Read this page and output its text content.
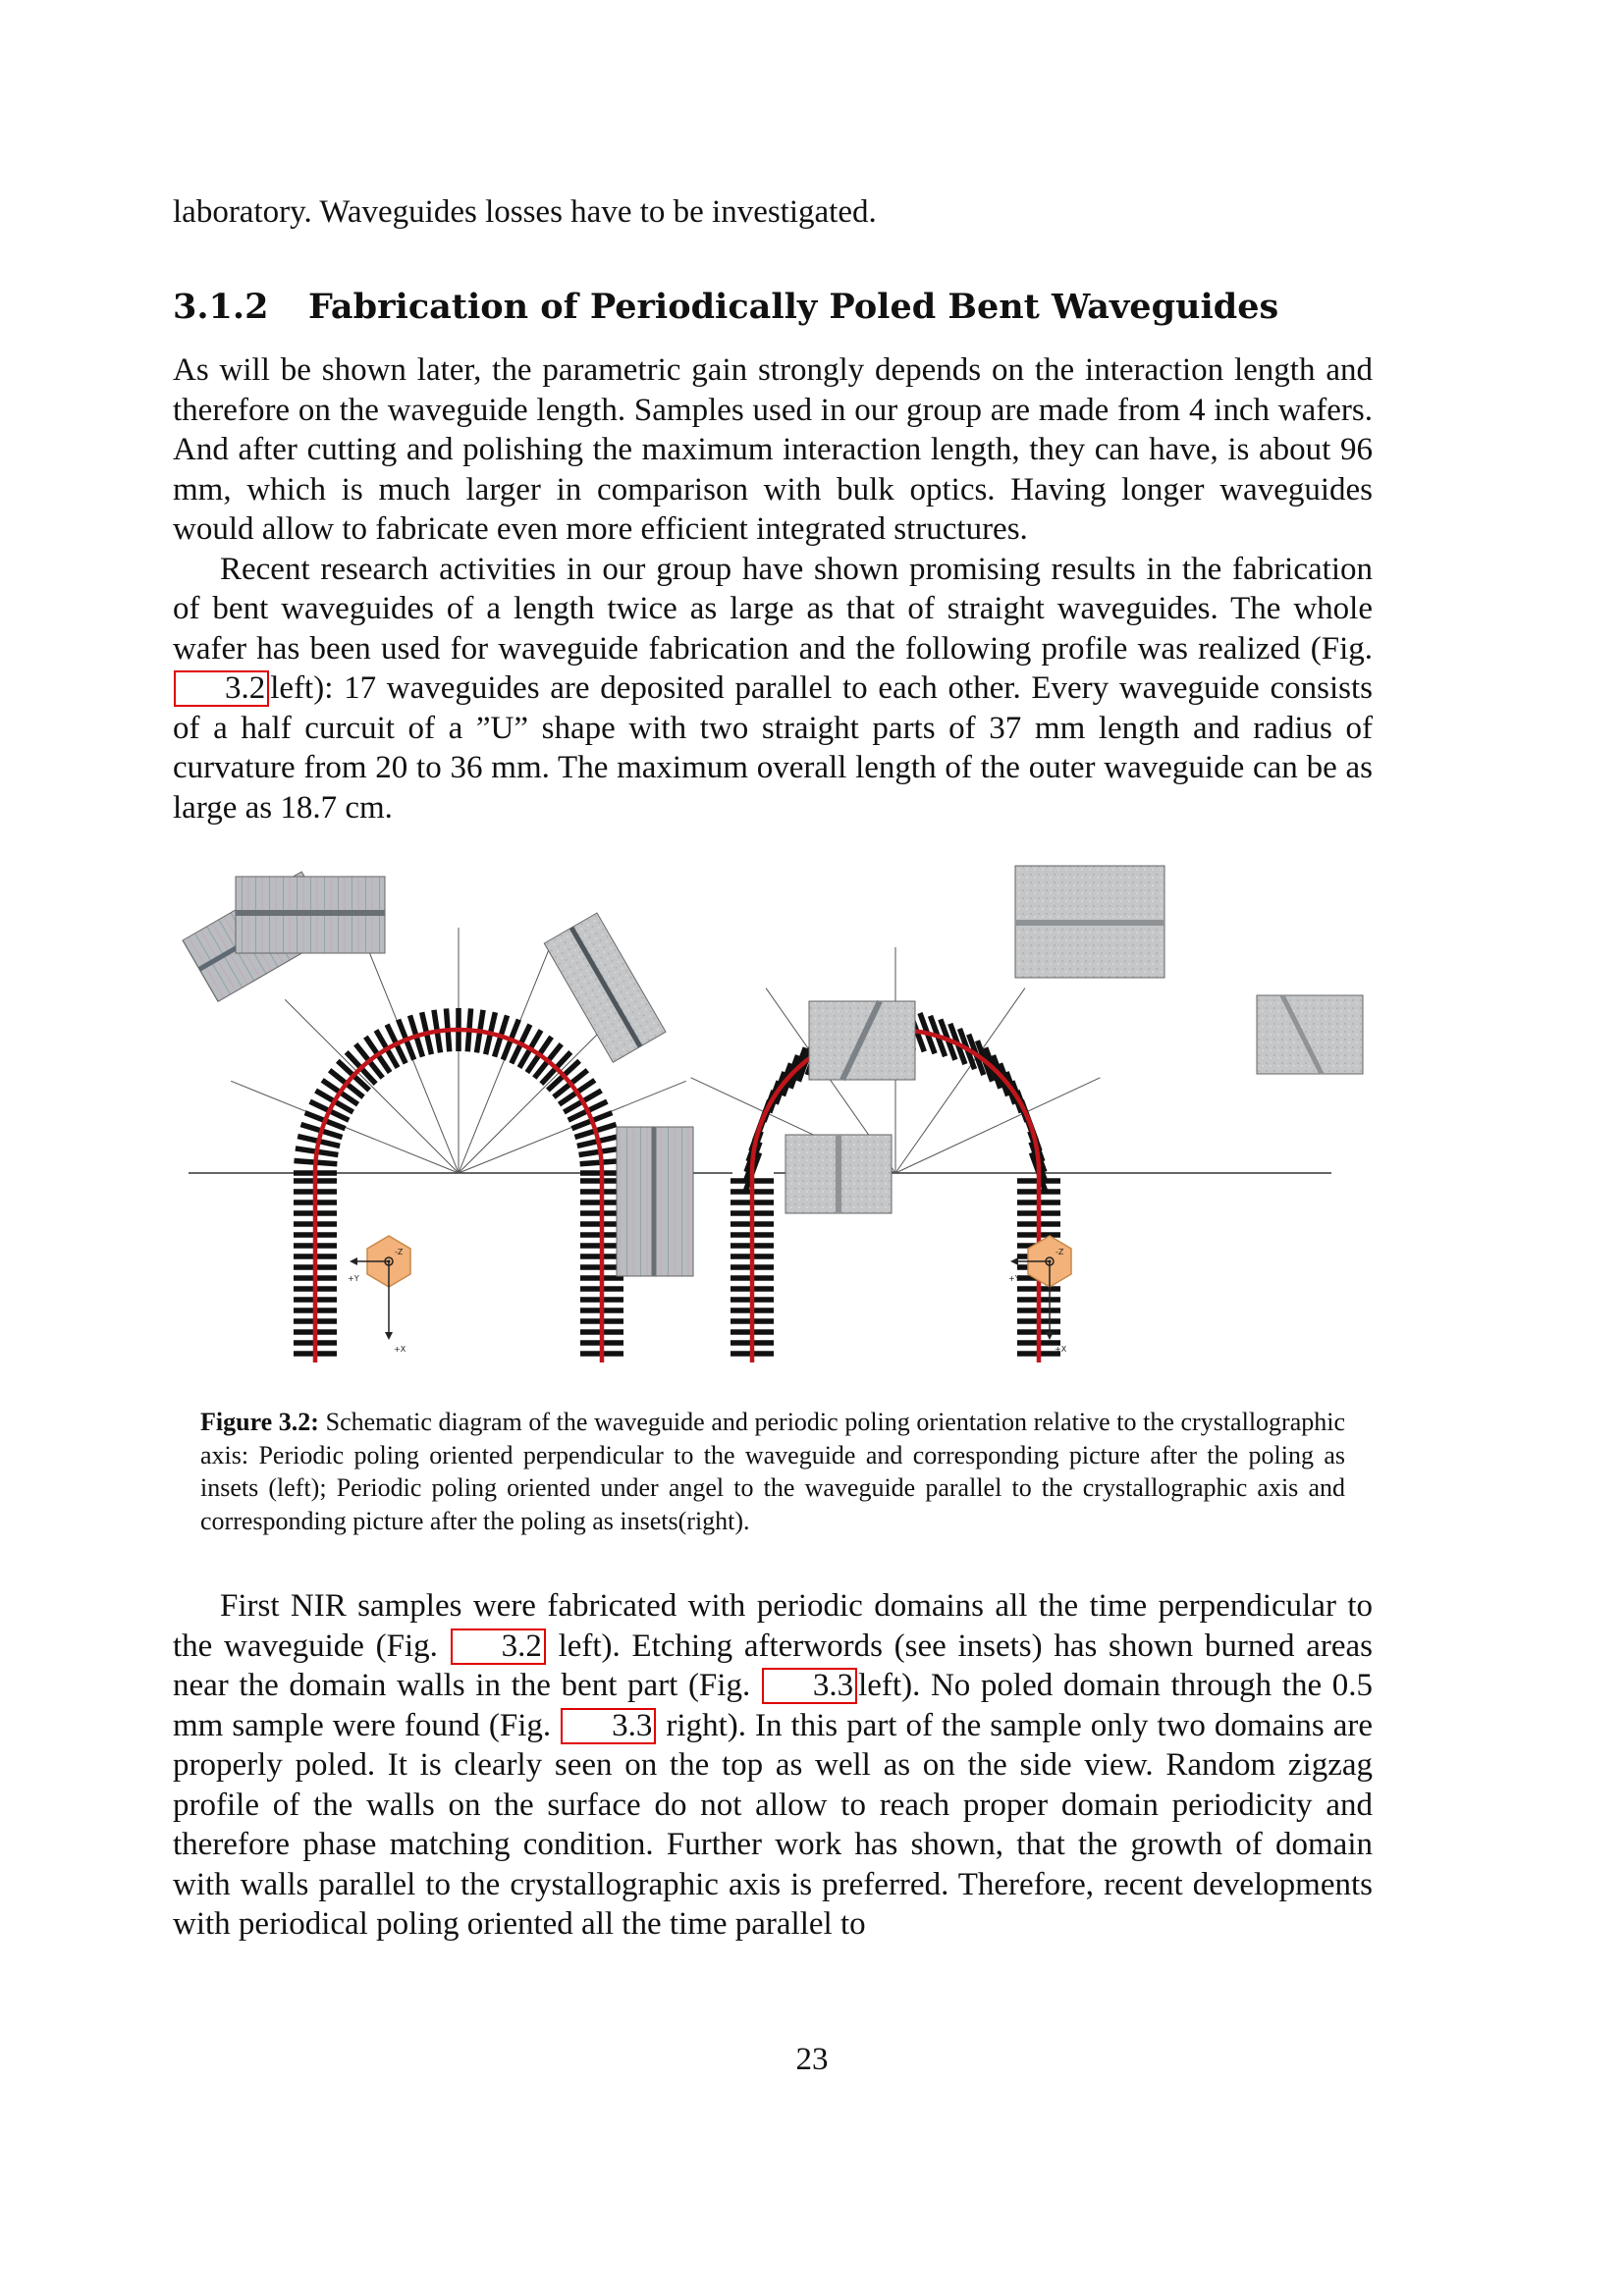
laboratory. Waveguides losses have to be investigated.

3.1.2 Fabrication of Periodically Poled Bent Waveguides

As will be shown later, the parametric gain strongly depends on the interaction length and therefore on the waveguide length. Samples used in our group are made from 4 inch wafers. And after cutting and polishing the maximum interaction length, they can have, is about 96 mm, which is much larger in comparison with bulk optics. Having longer waveguides would allow to fabricate even more efficient integrated structures.

Recent research activities in our group have shown promising results in the fabrication of bent waveguides of a length twice as large as that of straight waveguides. The whole wafer has been used for waveguide fabrication and the following profile was realized (Fig. 3.2 left): 17 waveguides are deposited parallel to each other. Every waveguide consists of a half curcuit of a ”U” shape with two straight parts of 37 mm length and radius of curvature from 20 to 36 mm. The maximum overall length of the outer waveguide can be as large as 18.7 cm.

+Y
+X
-Z
+Y
+X
-Z
Figure 3.2: Schematic diagram of the waveguide and periodic poling orientation relative to the crystallographic axis: Periodic poling oriented perpendicular to the waveguide and corresponding picture after the poling as insets (left); Periodic poling oriented under angel to the waveguide parallel to the crystallographic axis and corresponding picture after the poling as insets(right).

First NIR samples were fabricated with periodic domains all the time perpendicular to the waveguide (Fig. 3.2 left). Etching afterwords (see insets) has shown burned areas near the domain walls in the bent part (Fig. 3.3 left). No poled domain through the 0.5 mm sample were found (Fig. 3.3 right). In this part of the sample only two domains are properly poled. It is clearly seen on the top as well as on the side view. Random zigzag profile of the walls on the surface do not allow to reach proper domain periodicity and therefore phase matching condition. Further work has shown, that the growth of domain with walls parallel to the crystallographic axis is preferred. Therefore, recent developments with periodical poling oriented all the time parallel to

23
